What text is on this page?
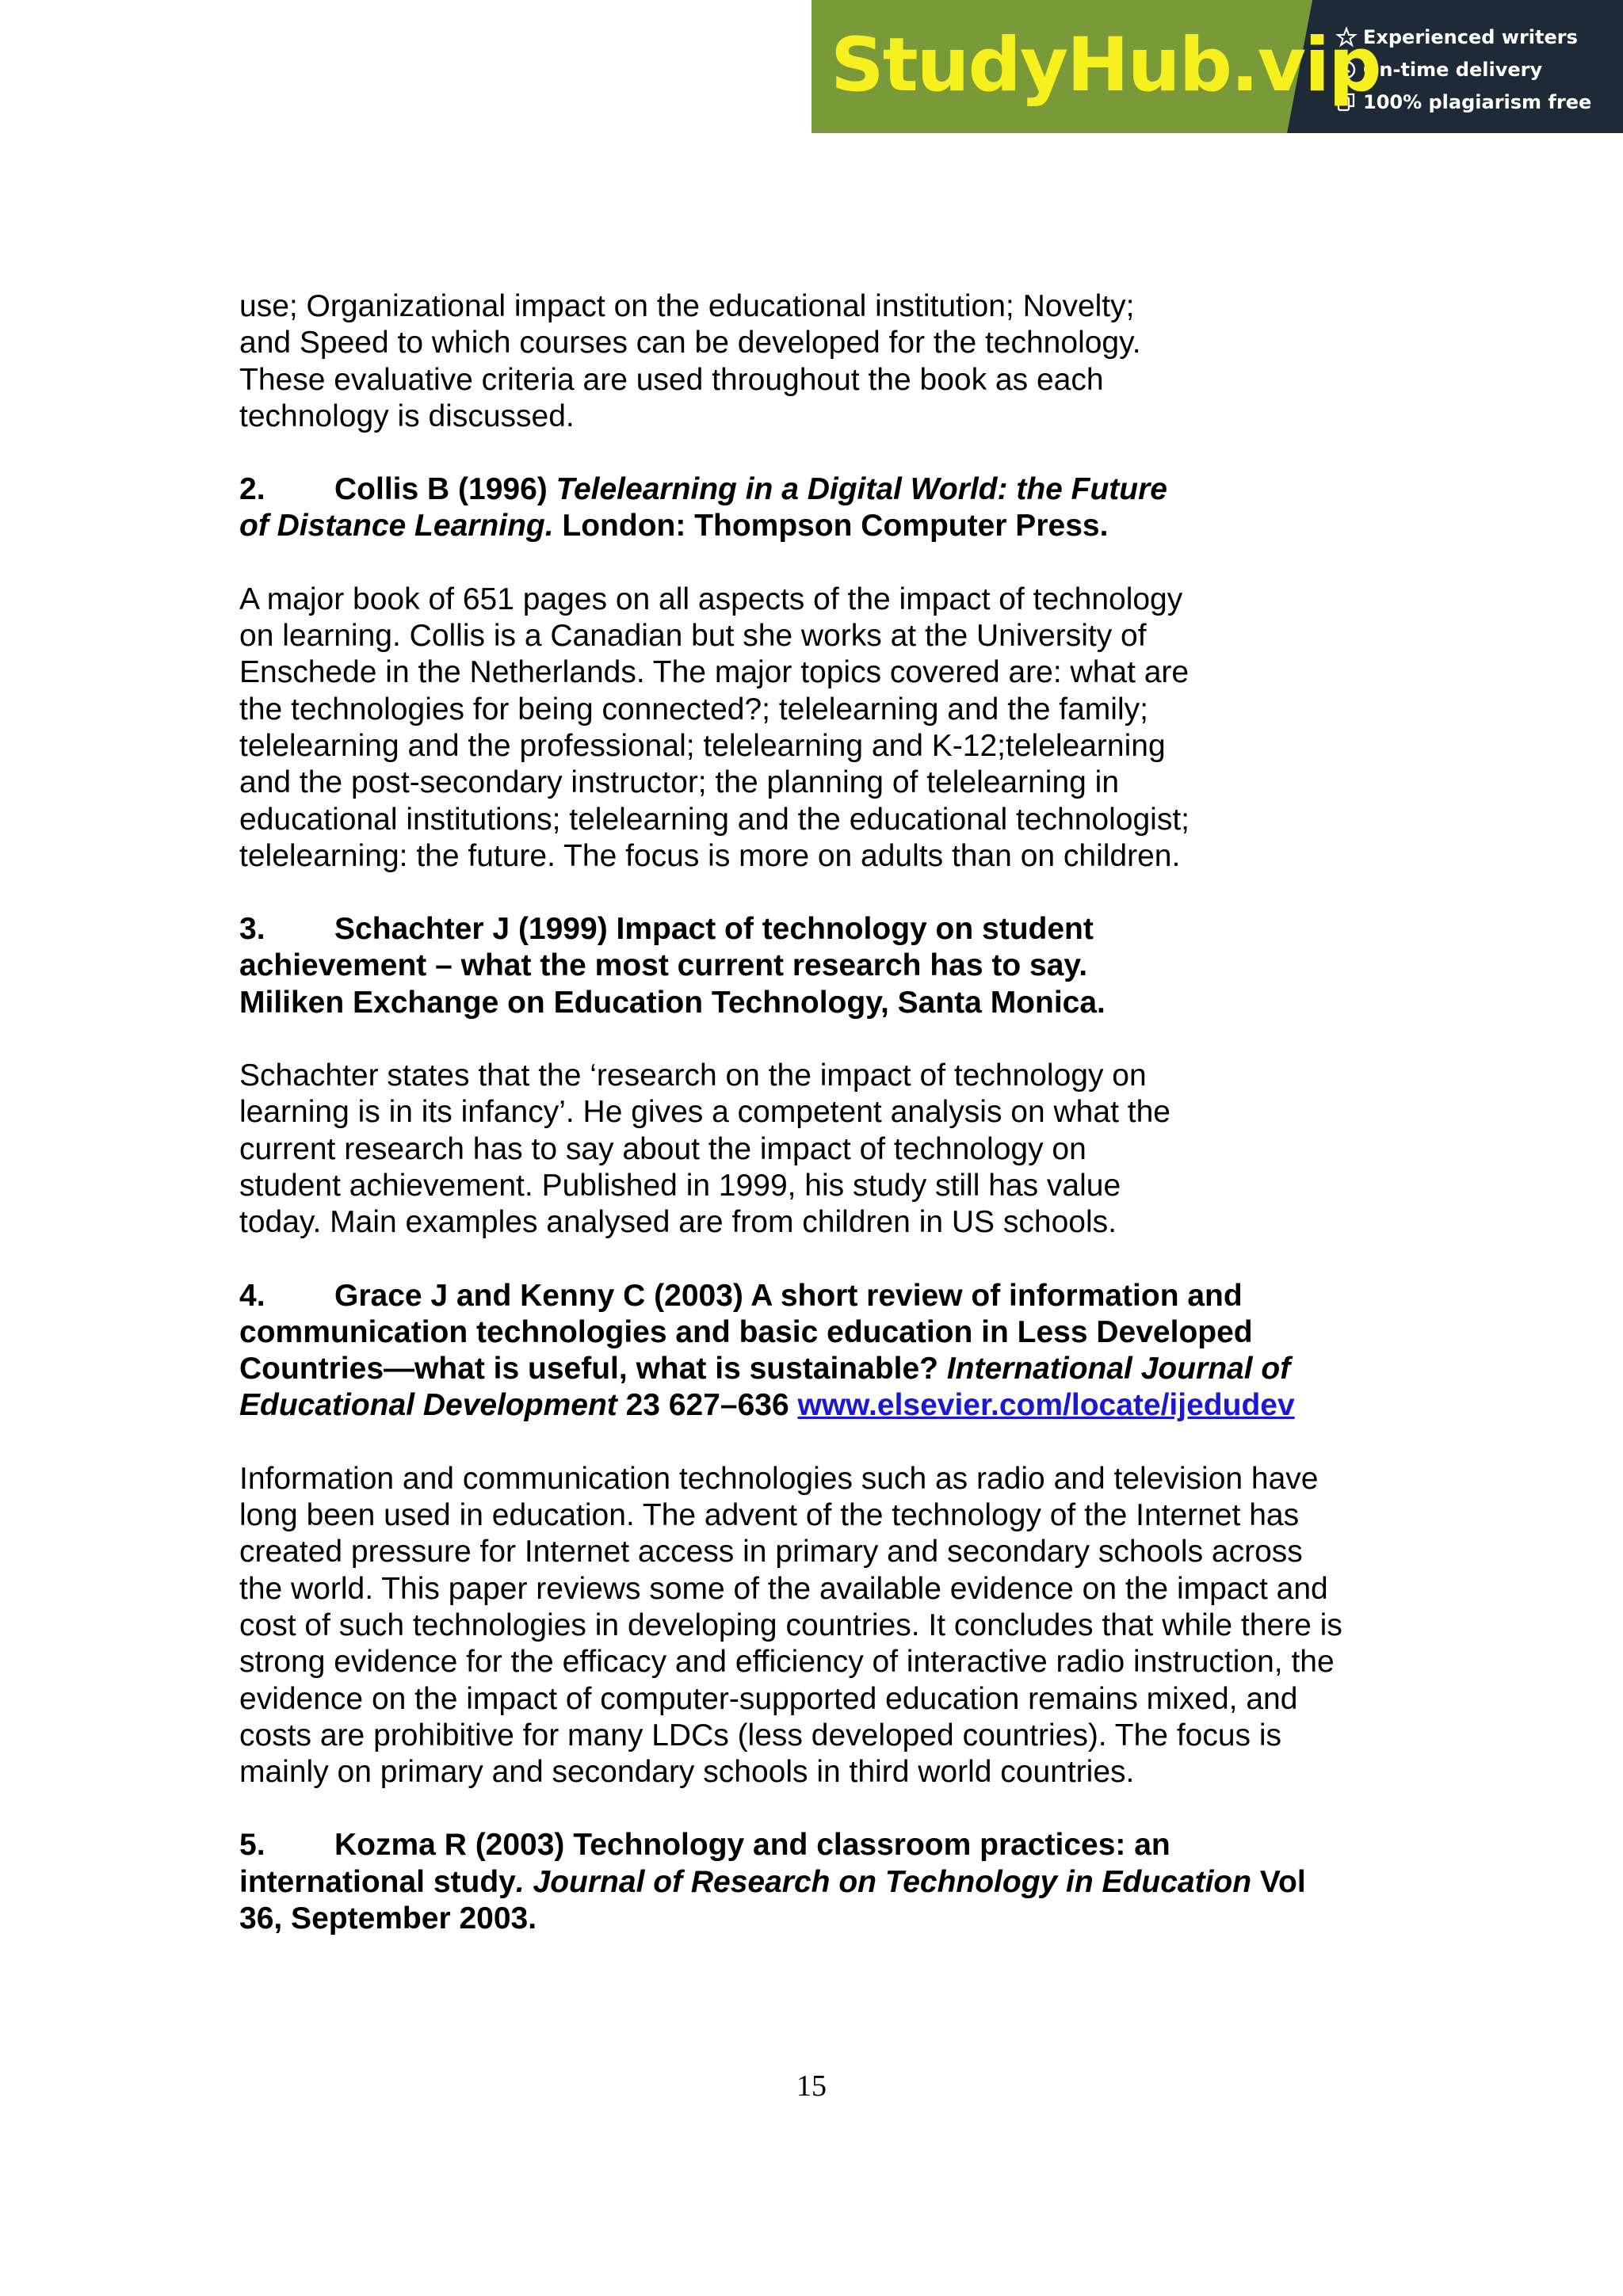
StudyHub.vip
Experienced writers
On-time delivery
100% plagiarism free

use; Organizational impact on the educational institution; Novelty;

and Speed to which courses can be developed for the technology.

These evaluative criteria are used throughout the book as each

technology is discussed.

2. Collis B (1996) Telelearning in a Digital World: the Future

of Distance Learning. London: Thompson Computer Press.

A major book of 651 pages on all aspects of the impact of technology

on learning. Collis is a Canadian but she works at the University of

Enschede in the Netherlands. The major topics covered are: what are

the technologies for being connected?; telelearning and the family;

telelearning and the professional; telelearning and K-12;telelearning

and the post-secondary instructor; the planning of telelearning in

educational institutions; telelearning and the educational technologist;

telelearning: the future. The focus is more on adults than on children.

3. Schachter J (1999) Impact of technology on student

achievement – what the most current research has to say.

Miliken Exchange on Education Technology, Santa Monica.

Schachter states that the ‘research on the impact of technology on

learning is in its infancy’. He gives a competent analysis on what the

current research has to say about the impact of technology on

student achievement. Published in 1999, his study still has value

today. Main examples analysed are from children in US schools.

4. Grace J and Kenny C (2003) A short review of information and

communication technologies and basic education in Less Developed

Countries—what is useful, what is sustainable? International Journal of

Educational Development 23 627–636 www.elsevier.com/locate/ijedudev

Information and communication technologies such as radio and television have

long been used in education. The advent of the technology of the Internet has

created pressure for Internet access in primary and secondary schools across

the world. This paper reviews some of the available evidence on the impact and

cost of such technologies in developing countries. It concludes that while there is

strong evidence for the efficacy and efficiency of interactive radio instruction, the

evidence on the impact of computer-supported education remains mixed, and

costs are prohibitive for many LDCs (less developed countries). The focus is

mainly on primary and secondary schools in third world countries.

5. Kozma R (2003) Technology and classroom practices: an

international study. Journal of Research on Technology in Education Vol

36, September 2003.

15
